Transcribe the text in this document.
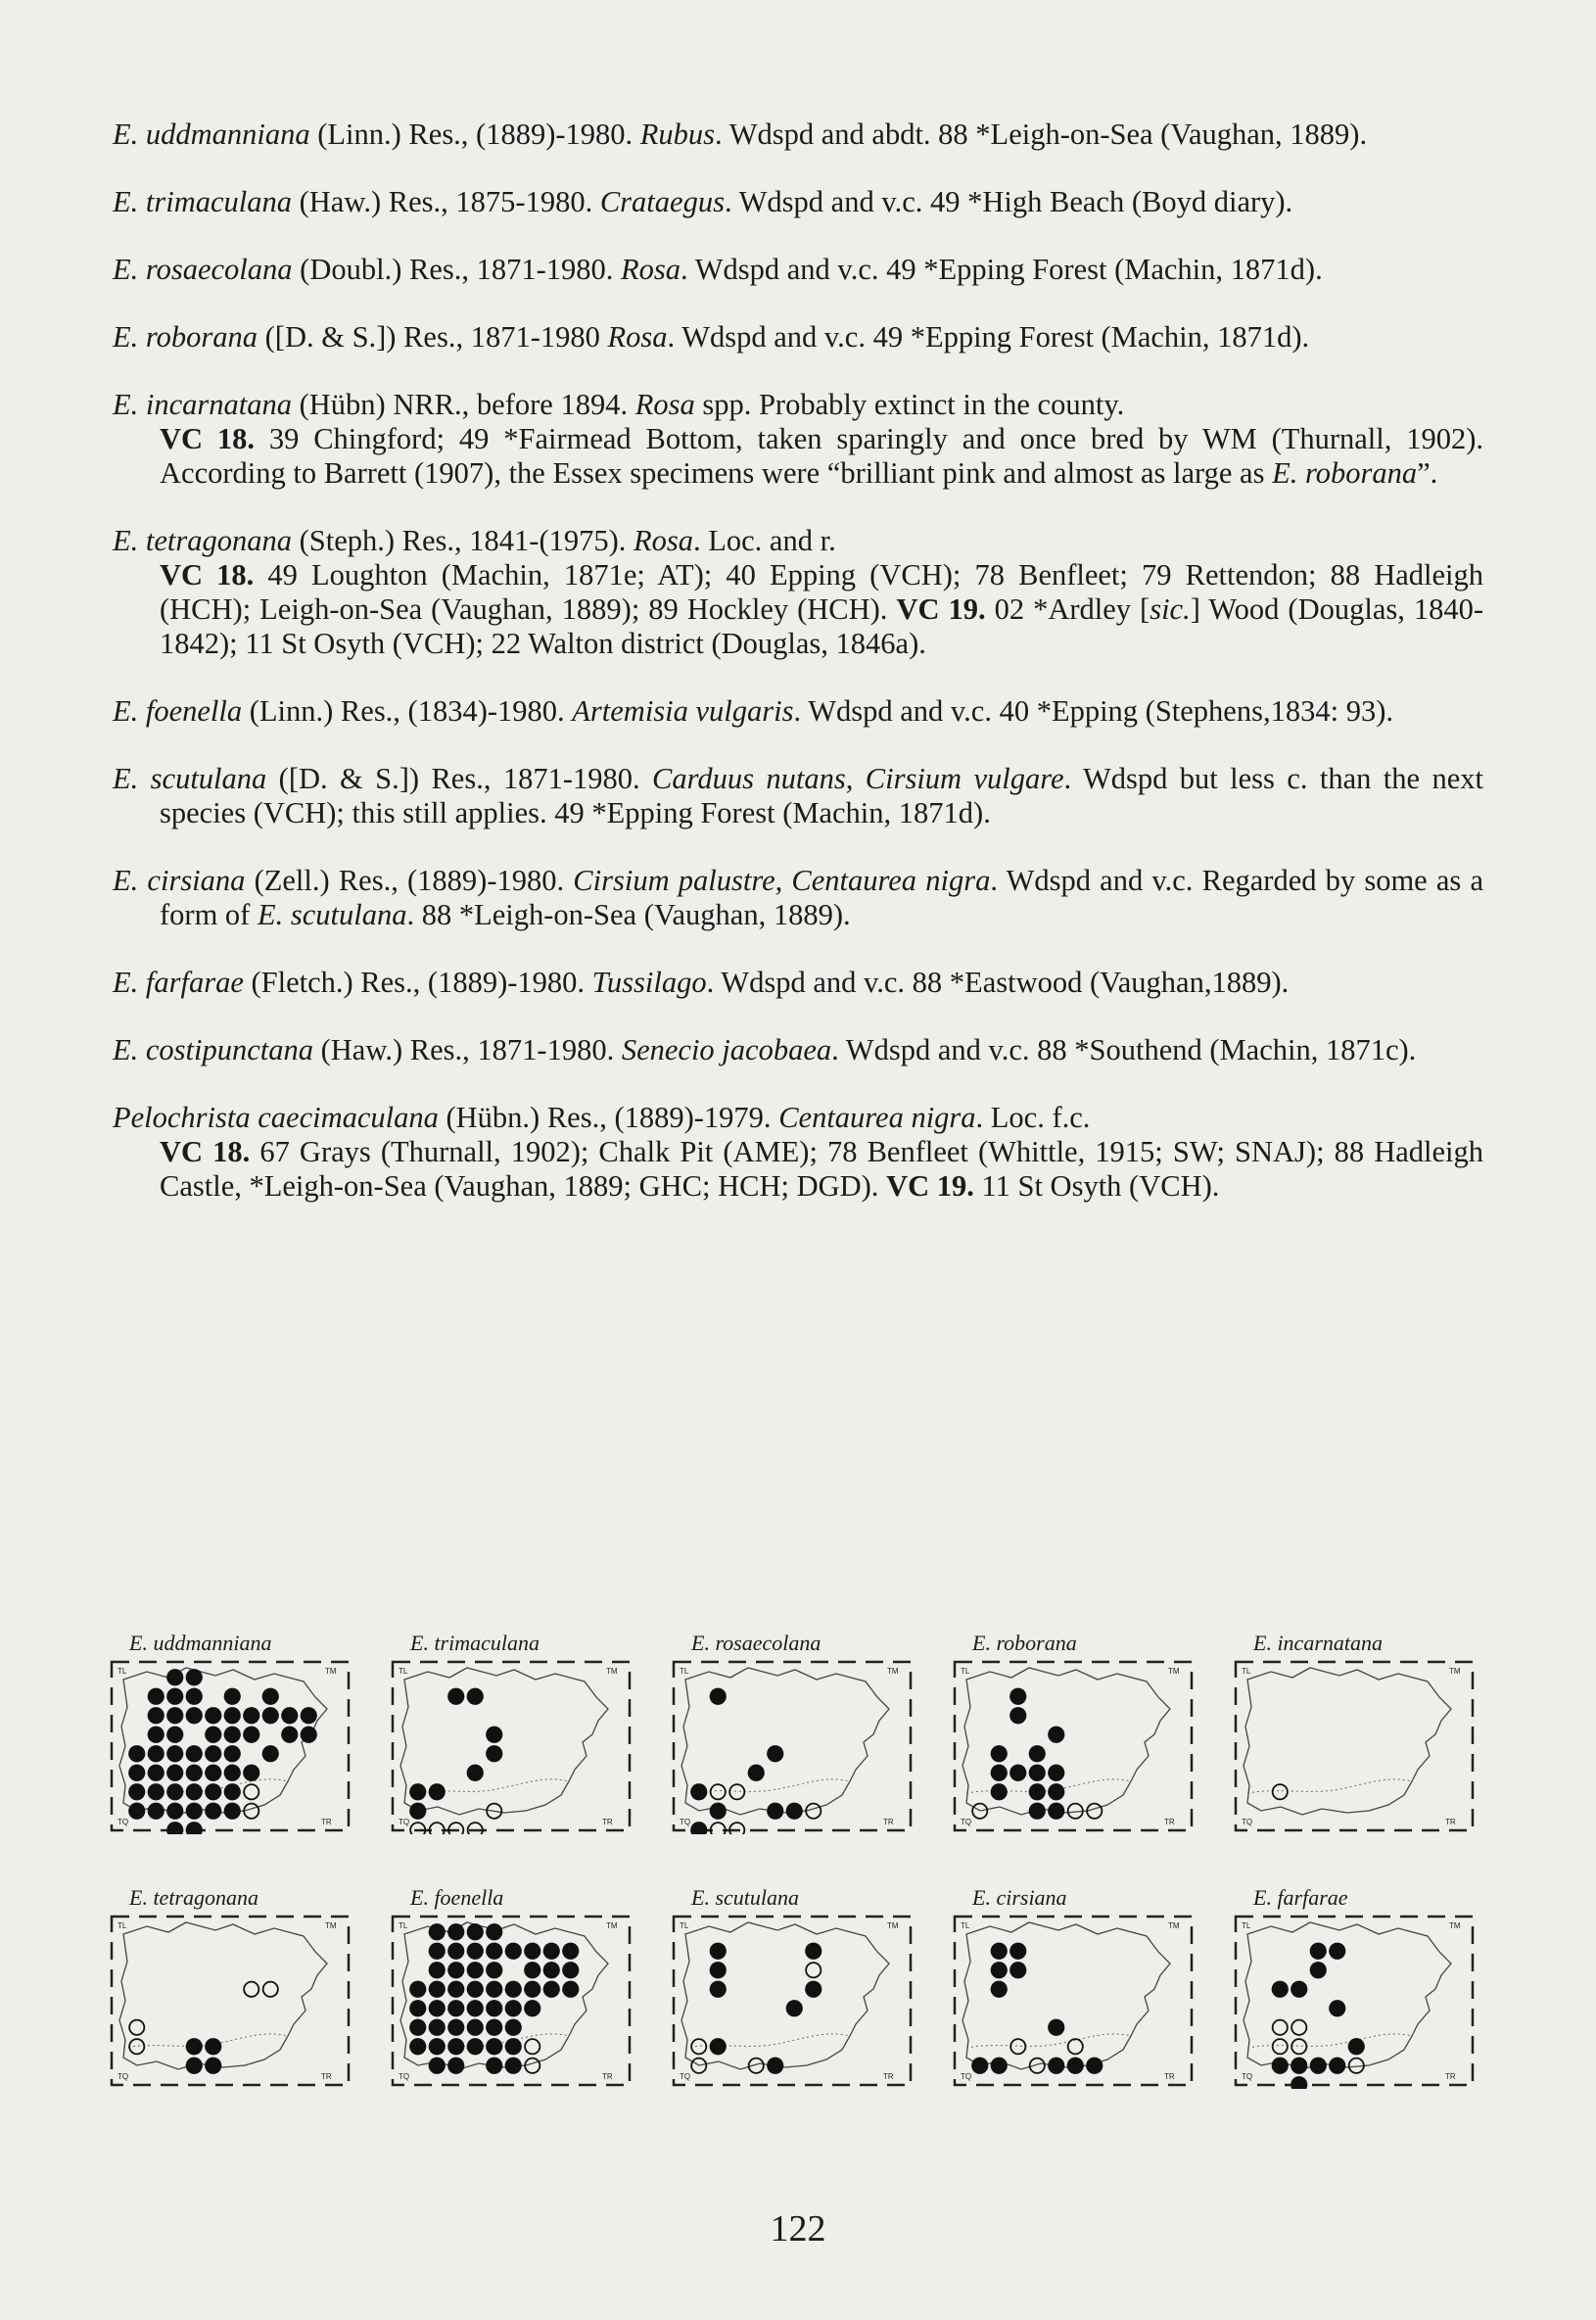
E. uddmanniana (Linn.) Res., (1889)-1980. Rubus. Wdspd and abdt. 88 *Leigh-on-Sea (Vaughan, 1889).
E. trimaculana (Haw.) Res., 1875-1980. Crataegus. Wdspd and v.c. 49 *High Beach (Boyd diary).
E. rosaecolana (Doubl.) Res., 1871-1980. Rosa. Wdspd and v.c. 49 *Epping Forest (Machin, 1871d).
E. roborana ([D. & S.]) Res., 1871-1980 Rosa. Wdspd and v.c. 49 *Epping Forest (Machin, 1871d).
E. incarnatana (Hübn) NRR., before 1894. Rosa spp. Probably extinct in the county.
VC 18. 39 Chingford; 49 *Fairmead Bottom, taken sparingly and once bred by WM (Thurnall, 1902). According to Barrett (1907), the Essex specimens were “brilliant pink and almost as large as E. roborana”.
E. tetragonana (Steph.) Res., 1841-(1975). Rosa. Loc. and r.
VC 18. 49 Loughton (Machin, 1871e; AT); 40 Epping (VCH); 78 Benfleet; 79 Rettendon; 88 Hadleigh (HCH); Leigh-on-Sea (Vaughan, 1889); 89 Hockley (HCH). VC 19. 02 *Ardley [sic.] Wood (Douglas, 1840-1842); 11 St Osyth (VCH); 22 Walton district (Douglas, 1846a).
E. foenella (Linn.) Res., (1834)-1980. Artemisia vulgaris. Wdspd and v.c. 40 *Epping (Stephens,1834: 93).
E. scutulana ([D. & S.]) Res., 1871-1980. Carduus nutans, Cirsium vulgare. Wdspd but less c. than the next species (VCH); this still applies. 49 *Epping Forest (Machin, 1871d).
E. cirsiana (Zell.) Res., (1889)-1980. Cirsium palustre, Centaurea nigra. Wdspd and v.c. Regarded by some as a form of E. scutulana. 88 *Leigh-on-Sea (Vaughan, 1889).
E. farfarae (Fletch.) Res., (1889)-1980. Tussilago. Wdspd and v.c. 88 *Eastwood (Vaughan,1889).
E. costipunctana (Haw.) Res., 1871-1980. Senecio jacobaea. Wdspd and v.c. 88 *Southend (Machin, 1871c).
Pelochrista caecimaculana (Hübn.) Res., (1889)-1979. Centaurea nigra. Loc. f.c.
VC 18. 67 Grays (Thurnall, 1902); Chalk Pit (AME); 78 Benfleet (Whittle, 1915; SW; SNAJ); 88 Hadleigh Castle, *Leigh-on-Sea (Vaughan, 1889; GHC; HCH; DGD). VC 19. 11 St Osyth (VCH).
E. uddmanniana
TL	TM
TQ	TR
E. trimaculana
TL	TM
TQ	TR
E. rosaecolana
TL	TM
TQ	TR
E. roborana
TL	TM
TQ	TR
E. incarnatana
TL	TM
TQ	TR
E. tetragonana
TL	TM
TQ	TR
E. foenella
TL	TM
TQ	TR
E. scutulana
TL	TM
TQ	TR
E. cirsiana
TL	TM
TQ	TR
E. farfarae
TL	TM
TQ	TR
122
